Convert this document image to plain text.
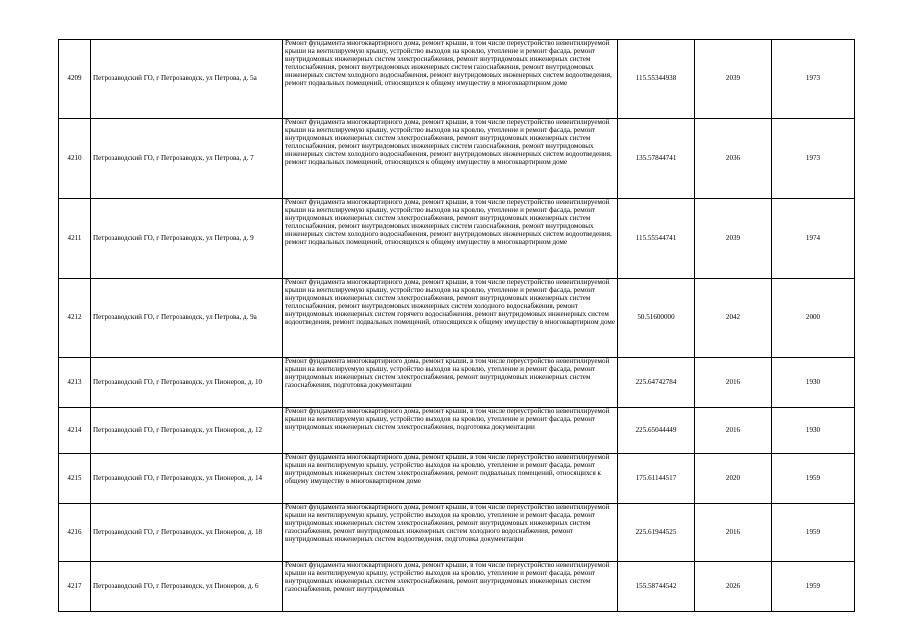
4209	Петрозаводский ГО, г Петрозаводск, ул Петрова, д. 5а	Ремонт фундамента многоквартирного дома, ремонт крыши, в том числе переустройство невентилируемой крыши на вентилируемую крышу, устройство выходов на кровлю, утепление и ремонт фасада, ремонт внутридомовых инженерных систем электроснабжения, ремонт внутридомовых инженерных систем теплоснабжения, ремонт внутридомовых инженерных систем газоснабжения, ремонт внутридомовых инженерных систем холодного водоснабжения, ремонт внутридомовых инженерных систем водоотведения, ремонт подвальных помещений, относящихся к общему имуществу в многоквартирном доме	115.55344938	2039	1973
4210	Петрозаводский ГО, г Петрозаводск, ул Петрова, д. 7	Ремонт фундамента многоквартирного дома, ремонт крыши, в том числе переустройство невентилируемой крыши на вентилируемую крышу, устройство выходов на кровлю, утепление и ремонт фасада, ремонт внутридомовых инженерных систем электроснабжения, ремонт внутридомовых инженерных систем теплоснабжения, ремонт внутридомовых инженерных систем газоснабжения, ремонт внутридомовых инженерных систем холодного водоснабжения, ремонт внутридомовых инженерных систем водоотведения, ремонт подвальных помещений, относящихся к общему имуществу в многоквартирном доме	135.57844741	2036	1973
4211	Петрозаводский ГО, г Петрозаводск, ул Петрова, д. 9	Ремонт фундамента многоквартирного дома, ремонт крыши, в том числе переустройство невентилируемой крыши на вентилируемую крышу, устройство выходов на кровлю, утепление и ремонт фасада, ремонт внутридомовых инженерных систем электроснабжения, ремонт внутридомовых инженерных систем теплоснабжения, ремонт внутридомовых инженерных систем газоснабжения, ремонт внутридомовых инженерных систем холодного водоснабжения, ремонт внутридомовых инженерных систем водоотведения, ремонт подвальных помещений, относящихся к общему имуществу в многоквартирном доме	115.55544741	2039	1974
4212	Петрозаводский ГО, г Петрозаводск, ул Петрова, д. 9а	Ремонт фундамента многоквартирного дома, ремонт крыши, в том числе переустройство невентилируемой крыши на вентилируемую крышу, устройство выходов на кровлю, утепление и ремонт фасада, ремонт внутридомовых инженерных систем электроснабжения, ремонт внутридомовых инженерных систем теплоснабжения, ремонт внутридомовых инженерных систем холодного водоснабжения, ремонт внутридомовых инженерных систем горячего водоснабжения, ремонт внутридомовых инженерных систем водоотведения, ремонт подвальных помещений, относящихся к общему имуществу в многоквартирном доме	50.51600000	2042	2000
4213	Петрозаводский ГО, г Петрозаводск, ул Пионеров, д. 10	Ремонт фундамента многоквартирного дома, ремонт крыши, в том числе переустройство невентилируемой крыши на вентилируемую крышу, устройство выходов на кровлю, утепление и ремонт фасада, ремонт внутридомовых инженерных систем электроснабжения, ремонт внутридомовых инженерных систем газоснабжения, подготовка документации	225.64742784	2016	1930
4214	Петрозаводский ГО, г Петрозаводск, ул Пионеров, д. 12	Ремонт фундамента многоквартирного дома, ремонт крыши, в том числе переустройство невентилируемой крыши на вентилируемую крышу, устройство выходов на кровлю, утепление и ремонт фасада, ремонт внутридомовых инженерных систем электроснабжения, подготовка документации	225.65044449	2016	1930
4215	Петрозаводский ГО, г Петрозаводск, ул Пионеров, д. 14	Ремонт фундамента многоквартирного дома, ремонт крыши, в том числе переустройство невентилируемой крыши на вентилируемую крышу, устройство выходов на кровлю, утепление и ремонт фасада, ремонт внутридомовых инженерных систем электроснабжения, ремонт подвальных помещений, относящихся к общему имуществу в многоквартирном доме	175.61144517	2020	1959
4216	Петрозаводский ГО, г Петрозаводск, ул Пионеров, д. 18	Ремонт фундамента многоквартирного дома, ремонт крыши, в том числе переустройство невентилируемой крыши на вентилируемую крышу, устройство выходов на кровлю, утепление и ремонт фасада, ремонт внутридомовых инженерных систем электроснабжения, ремонт внутридомовых инженерных систем газоснабжения, ремонт внутридомовых инженерных систем холодного водоснабжения, ремонт внутридомовых инженерных систем водоотведения, подготовка документации	225.61944525	2016	1959
4217	Петрозаводский ГО, г Петрозаводск, ул Пионеров, д. 6	Ремонт фундамента многоквартирного дома, ремонт крыши, в том числе переустройство невентилируемой крыши на вентилируемую крышу, устройство выходов на кровлю, утепление и ремонт фасада, ремонт внутридомовых инженерных систем электроснабжения, ремонт внутридомовых инженерных систем газоснабжения, ремонт внутридомовых	155.58744542	2026	1959
